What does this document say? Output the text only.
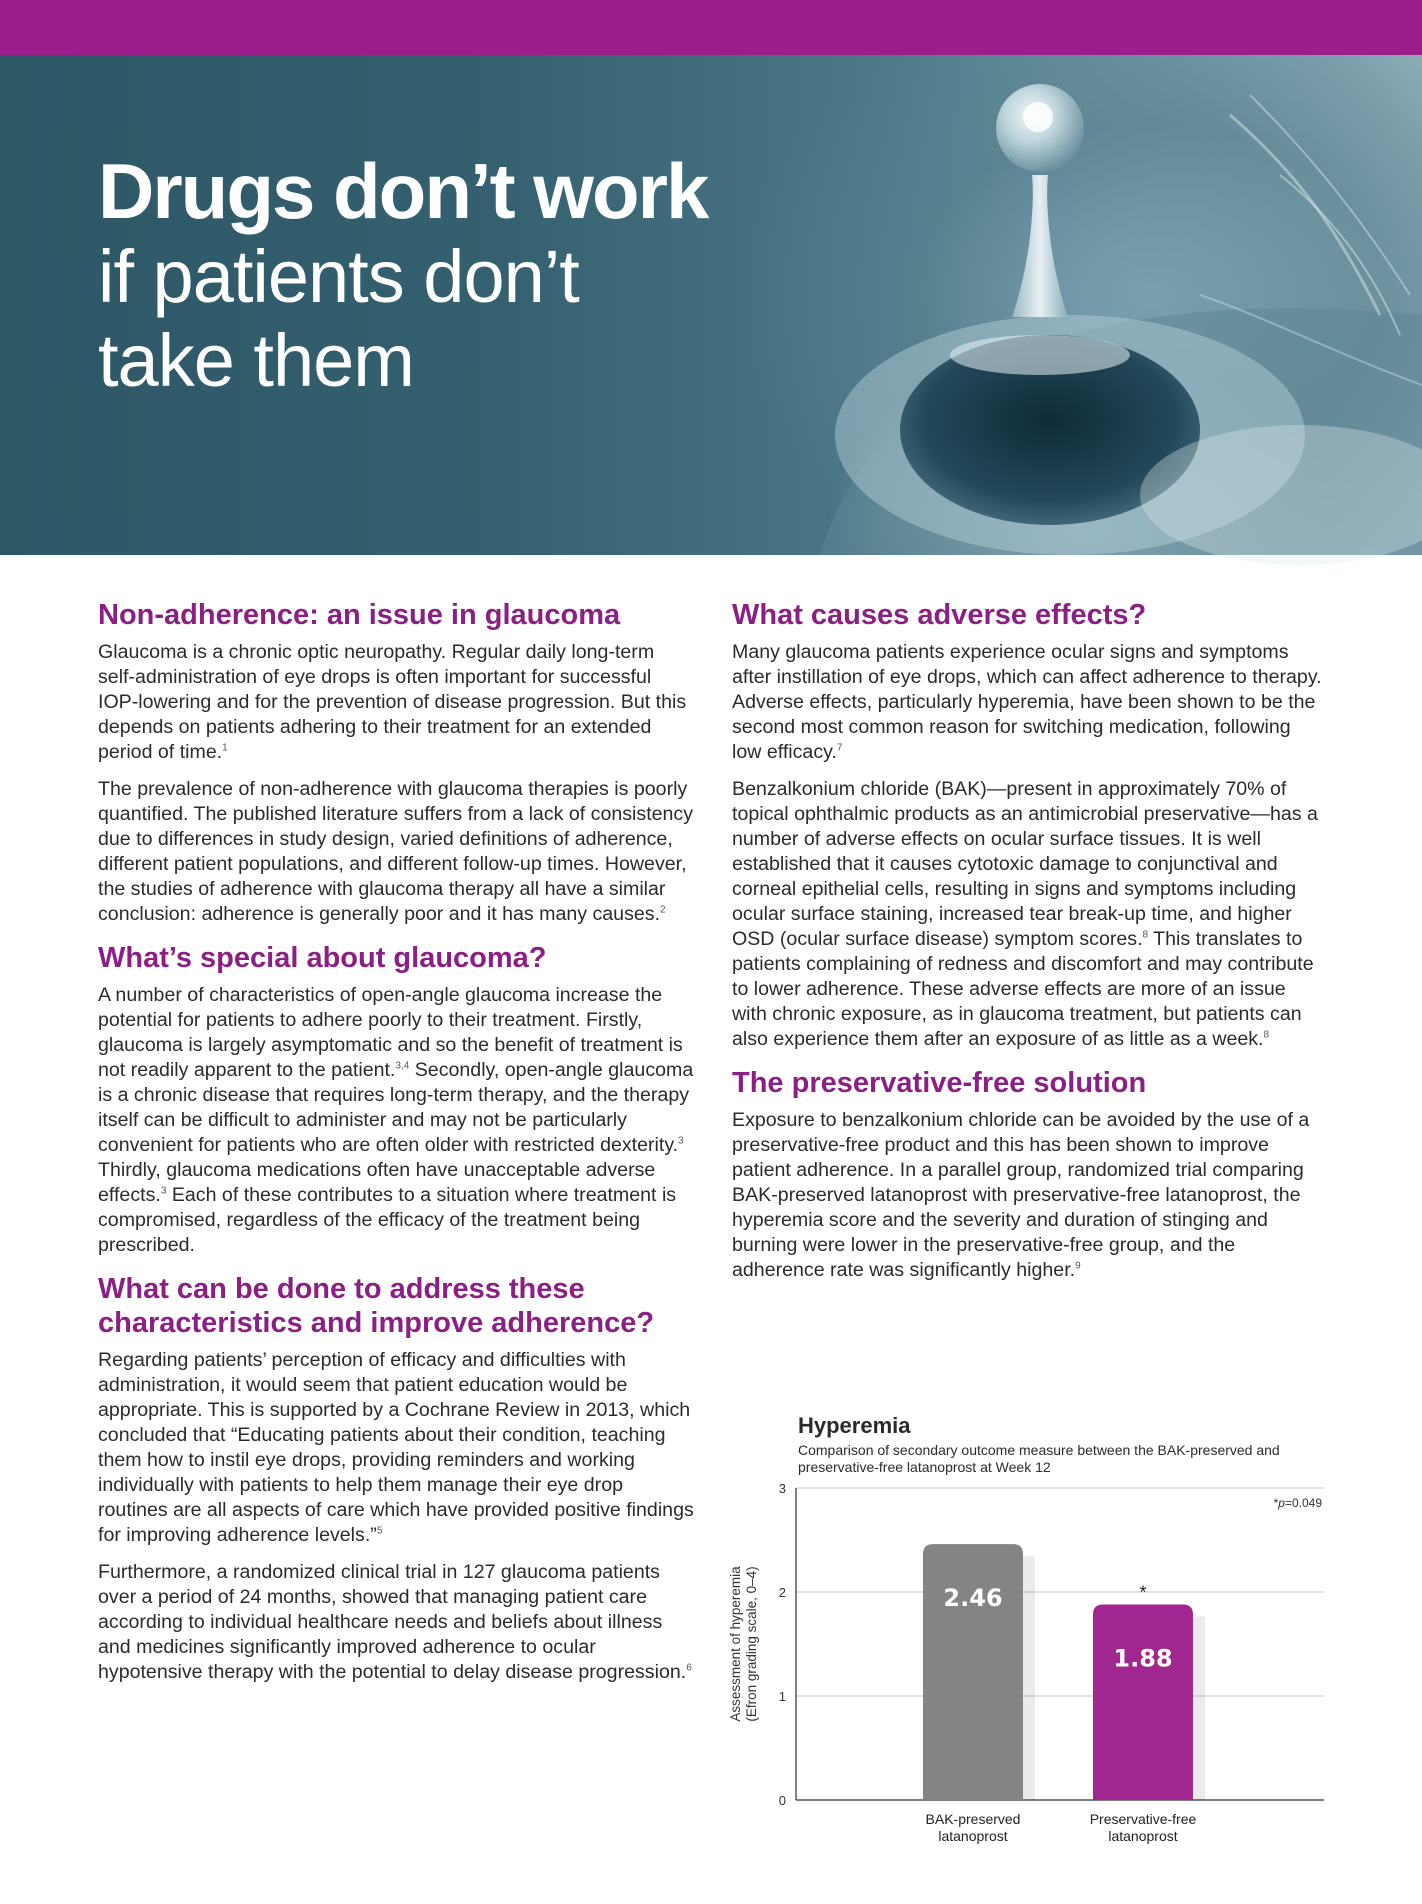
Drugs don’t work
if patients don’t
take them
Non-adherence: an issue in glaucoma

Glaucoma is a chronic optic neuropathy. Regular daily long-term self-administration of eye drops is often important for successful IOP-lowering and for the prevention of disease progression. But this depends on patients adhering to their treatment for an extended period of time.$^1$

The prevalence of non-adherence with glaucoma therapies is poorly quantified. The published literature suffers from a lack of consistency due to differences in study design, varied definitions of adherence, different patient populations, and different follow-up times. However, the studies of adherence with glaucoma therapy all have a similar conclusion: adherence is generally poor and it has many causes.$^2$

What’s special about glaucoma?

A number of characteristics of open-angle glaucoma increase the potential for patients to adhere poorly to their treatment. Firstly, glaucoma is largely asymptomatic and so the benefit of treatment is not readily apparent to the patient.$^{3,4}$ Secondly, open-angle glaucoma is a chronic disease that requires long-term therapy, and the therapy itself can be difficult to administer and may not be particularly convenient for patients who are often older with restricted dexterity.$^3$ Thirdly, glaucoma medications often have unacceptable adverse effects.$^3$ Each of these contributes to a situation where treatment is compromised, regardless of the efficacy of the treatment being prescribed.

What can be done to address these characteristics and improve adherence?

Regarding patients’ perception of efficacy and difficulties with administration, it would seem that patient education would be appropriate. This is supported by a Cochrane Review in 2013, which concluded that “Educating patients about their condition, teaching them how to instil eye drops, providing reminders and working individually with patients to help them manage their eye drop routines are all aspects of care which have provided positive findings for improving adherence levels.”$^5$

Furthermore, a randomized clinical trial in 127 glaucoma patients over a period of 24 months, showed that managing patient care according to individual healthcare needs and beliefs about illness and medicines significantly improved adherence to ocular hypotensive therapy with the potential to delay disease progression.$^6$

What causes adverse effects?

Many glaucoma patients experience ocular signs and symptoms after instillation of eye drops, which can affect adherence to therapy. Adverse effects, particularly hyperemia, have been shown to be the second most common reason for switching medication, following low efficacy.$^7$

Benzalkonium chloride (BAK)—present in approximately 70% of topical ophthalmic products as an antimicrobial preservative—has a number of adverse effects on ocular surface tissues. It is well established that it causes cytotoxic damage to conjunctival and corneal epithelial cells, resulting in signs and symptoms including ocular surface staining, increased tear break-up time, and higher OSD (ocular surface disease) symptom scores.$^8$ This translates to patients complaining of redness and discomfort and may contribute to lower adherence. These adverse effects are more of an issue with chronic exposure, as in glaucoma treatment, but patients can also experience them after an exposure of as little as a week.$^8$

The preservative-free solution

Exposure to benzalkonium chloride can be avoided by the use of a preservative-free product and this has been shown to improve patient adherence. In a parallel group, randomized trial comparing BAK-preserved latanoprost with preservative-free latanoprost, the hyperemia score and the severity and duration of stinging and burning were lower in the preservative-free group, and the adherence rate was significantly higher.$^9$

Hyperemia
Comparison of secondary outcome measure between the BAK-preserved and preservative-free latanoprost at Week 12
0
1
2
3
Assessment of hyperemia(Efron grading scale, 0–4)
*p=0.049
2.46
BAK-preserved latanoprost
1.88
Preservative-free latanoprost
*
